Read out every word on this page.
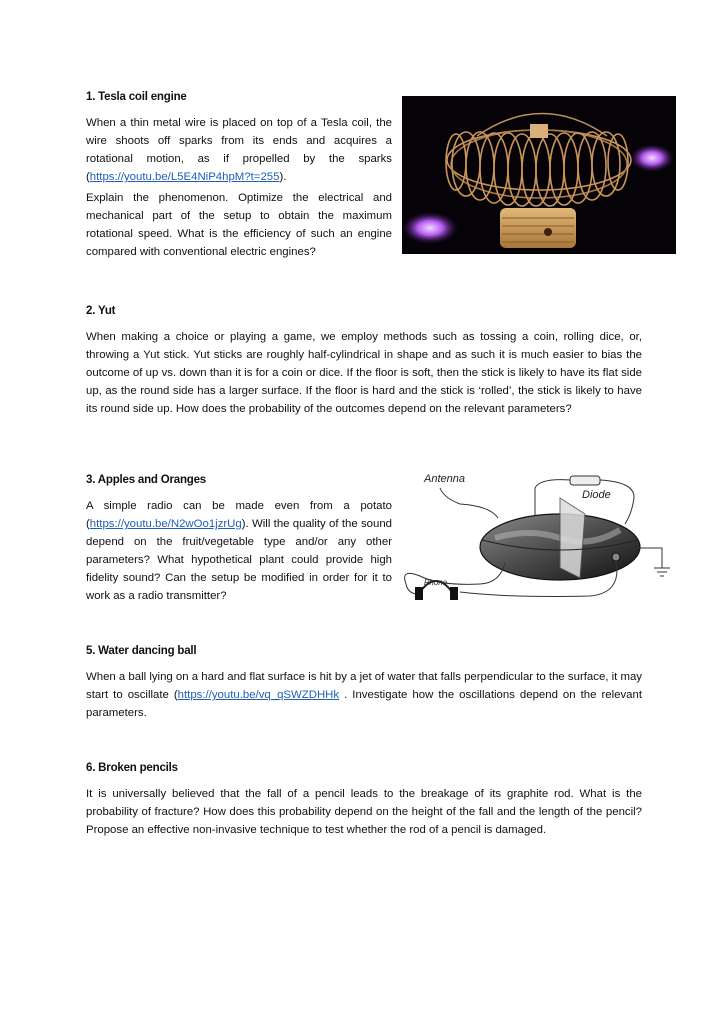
1. Tesla coil engine

When a thin metal wire is placed on top of a Tesla coil, the wire shoots off sparks from its ends and acquires a rotational motion, as if propelled by the sparks (https://youtu.be/L5E4NiP4hpM?t=255).

Explain the phenomenon. Optimize the electrical and mechanical part of the setup to obtain the maximum rotational speed. What is the efficiency of such an engine compared with conventional electric engines?

2. Yut

When making a choice or playing a game, we employ methods such as tossing a coin, rolling dice, or, throwing a Yut stick. Yut sticks are roughly half-cylindrical in shape and as such it is much easier to bias the outcome of up vs. down than it is for a coin or dice. If the floor is soft, then the stick is likely to have its flat side up, as the round side has a larger surface. If the floor is hard and the stick is ‘rolled’, the stick is likely to have its round side up. How does the probability of the outcomes depend on the relevant parameters?

3. Apples and Oranges

A simple radio can be made even from a potato (https://youtu.be/N2wOo1jzrUg). Will the quality of the sound depend on the fruit/vegetable type and/or any other parameters? What hypothetical plant could provide high fidelity sound? Can the setup be modified in order for it to work as a radio transmitter?

Antenna
Diode
Phone
5. Water dancing ball

When a ball lying on a hard and flat surface is hit by a jet of water that falls perpendicular to the surface, it may start to oscillate (https://youtu.be/vq_qSWZDHHk . Investigate how the oscillations depend on the relevant parameters.

6. Broken pencils

It is universally believed that the fall of a pencil leads to the breakage of its graphite rod. What is the probability of fracture? How does this probability depend on the height of the fall and the length of the pencil? Propose an effective non-invasive technique to test whether the rod of a pencil is damaged.
